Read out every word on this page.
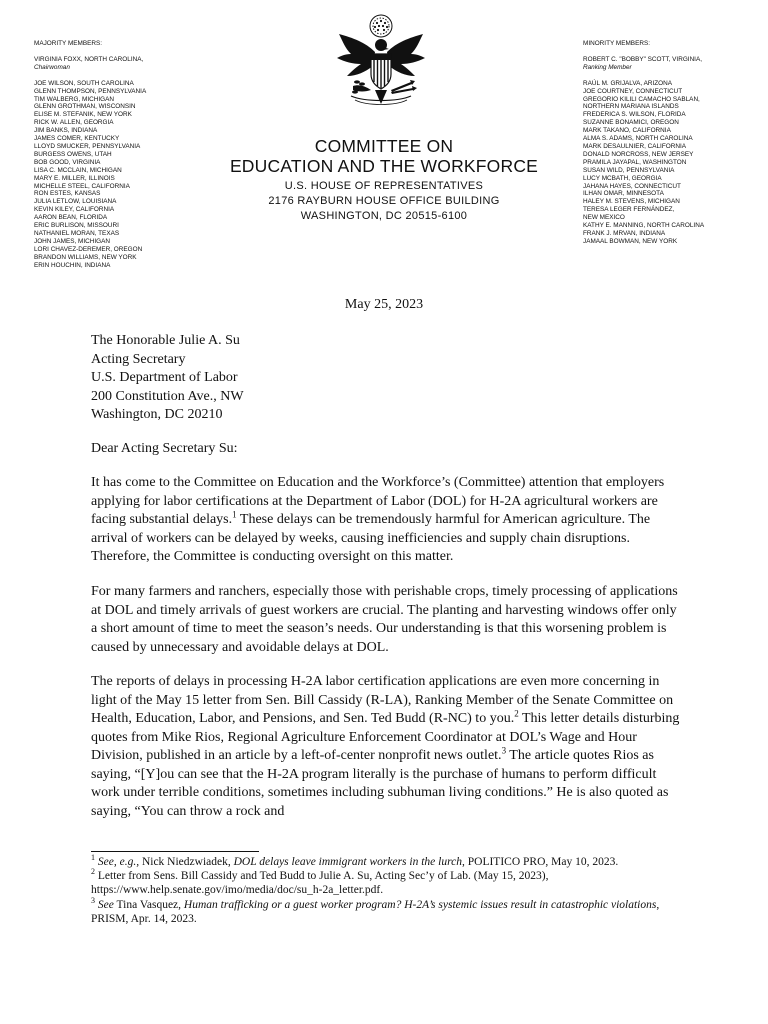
MAJORITY MEMBERS:
VIRGINIA FOXX, NORTH CAROLINA,
Chairwoman
JOE WILSON, SOUTH CAROLINA
GLENN THOMPSON, PENNSYLVANIA
TIM WALBERG, MICHIGAN
GLENN GROTHMAN, WISCONSIN
ELISE M. STEFANIK, NEW YORK
RICK W. ALLEN, GEORGIA
JIM BANKS, INDIANA
JAMES COMER, KENTUCKY
LLOYD SMUCKER, PENNSYLVANIA
BURGESS OWENS, UTAH
BOB GOOD, VIRGINIA
LISA C. MCCLAIN, MICHIGAN
MARY E. MILLER, ILLINOIS
MICHELLE STEEL, CALIFORNIA
RON ESTES, KANSAS
JULIA LETLOW, LOUISIANA
KEVIN KILEY, CALIFORNIA
AARON BEAN, FLORIDA
ERIC BURLISON, MISSOURI
NATHANIEL MORAN, TEXAS
JOHN JAMES, MICHIGAN
LORI CHAVEZ-DEREMER, OREGON
BRANDON WILLIAMS, NEW YORK
ERIN HOUCHIN, INDIANA
COMMITTEE ON
EDUCATION AND THE WORKFORCE
U.S. HOUSE OF REPRESENTATIVES
2176 RAYBURN HOUSE OFFICE BUILDING
WASHINGTON, DC 20515-6100
MINORITY MEMBERS:
ROBERT C. "BOBBY" SCOTT, VIRGINIA,
Ranking Member
RAÚL M. GRIJALVA, ARIZONA
JOE COURTNEY, CONNECTICUT
GREGORIO KILILI CAMACHO SABLAN,
NORTHERN MARIANA ISLANDS
FREDERICA S. WILSON, FLORIDA
SUZANNE BONAMICI, OREGON
MARK TAKANO, CALIFORNIA
ALMA S. ADAMS, NORTH CAROLINA
MARK DESAULNIER, CALIFORNIA
DONALD NORCROSS, NEW JERSEY
PRAMILA JAYAPAL, WASHINGTON
SUSAN WILD, PENNSYLVANIA
LUCY MCBATH, GEORGIA
JAHANA HAYES, CONNECTICUT
ILHAN OMAR, MINNESOTA
HALEY M. STEVENS, MICHIGAN
TERESA LEGER FERNÁNDEZ,
NEW MEXICO
KATHY E. MANNING, NORTH CAROLINA
FRANK J. MRVAN, INDIANA
JAMAAL BOWMAN, NEW YORK
May 25, 2023
The Honorable Julie A. Su
Acting Secretary
U.S. Department of Labor
200 Constitution Ave., NW
Washington, DC 20210
Dear Acting Secretary Su:

It has come to the Committee on Education and the Workforce’s (Committee) attention that employers applying for labor certifications at the Department of Labor (DOL) for H-2A agricultural workers are facing substantial delays.$^1$ These delays can be tremendously harmful for American agriculture. The arrival of workers can be delayed by weeks, causing inefficiencies and supply chain disruptions. Therefore, the Committee is conducting oversight on this matter.

For many farmers and ranchers, especially those with perishable crops, timely processing of applications at DOL and timely arrivals of guest workers are crucial. The planting and harvesting windows offer only a short amount of time to meet the season’s needs. Our understanding is that this worsening problem is caused by unnecessary and avoidable delays at DOL.

The reports of delays in processing H-2A labor certification applications are even more concerning in light of the May 15 letter from Sen. Bill Cassidy (R-LA), Ranking Member of the Senate Committee on Health, Education, Labor, and Pensions, and Sen. Ted Budd (R-NC) to you.$^2$ This letter details disturbing quotes from Mike Rios, Regional Agriculture Enforcement Coordinator at DOL’s Wage and Hour Division, published in an article by a left-of-center nonprofit news outlet.$^3$ The article quotes Rios as saying, “[Y]ou can see that the H-2A program literally is the purchase of humans to perform difficult work under terrible conditions, sometimes including subhuman living conditions.” He is also quoted as saying, “You can throw a rock and

$^1$ See, e.g., Nick Niedzwiadek, DOL delays leave immigrant workers in the lurch, POLITICO PRO, May 10, 2023.

$^2$ Letter from Sens. Bill Cassidy and Ted Budd to Julie A. Su, Acting Sec’y of Lab. (May 15, 2023), https://www.help.senate.gov/imo/media/doc/su_h-2a_letter.pdf.

$^3$ See Tina Vasquez, Human trafficking or a guest worker program? H-2A’s systemic issues result in catastrophic violations, PRISM, Apr. 14, 2023.
